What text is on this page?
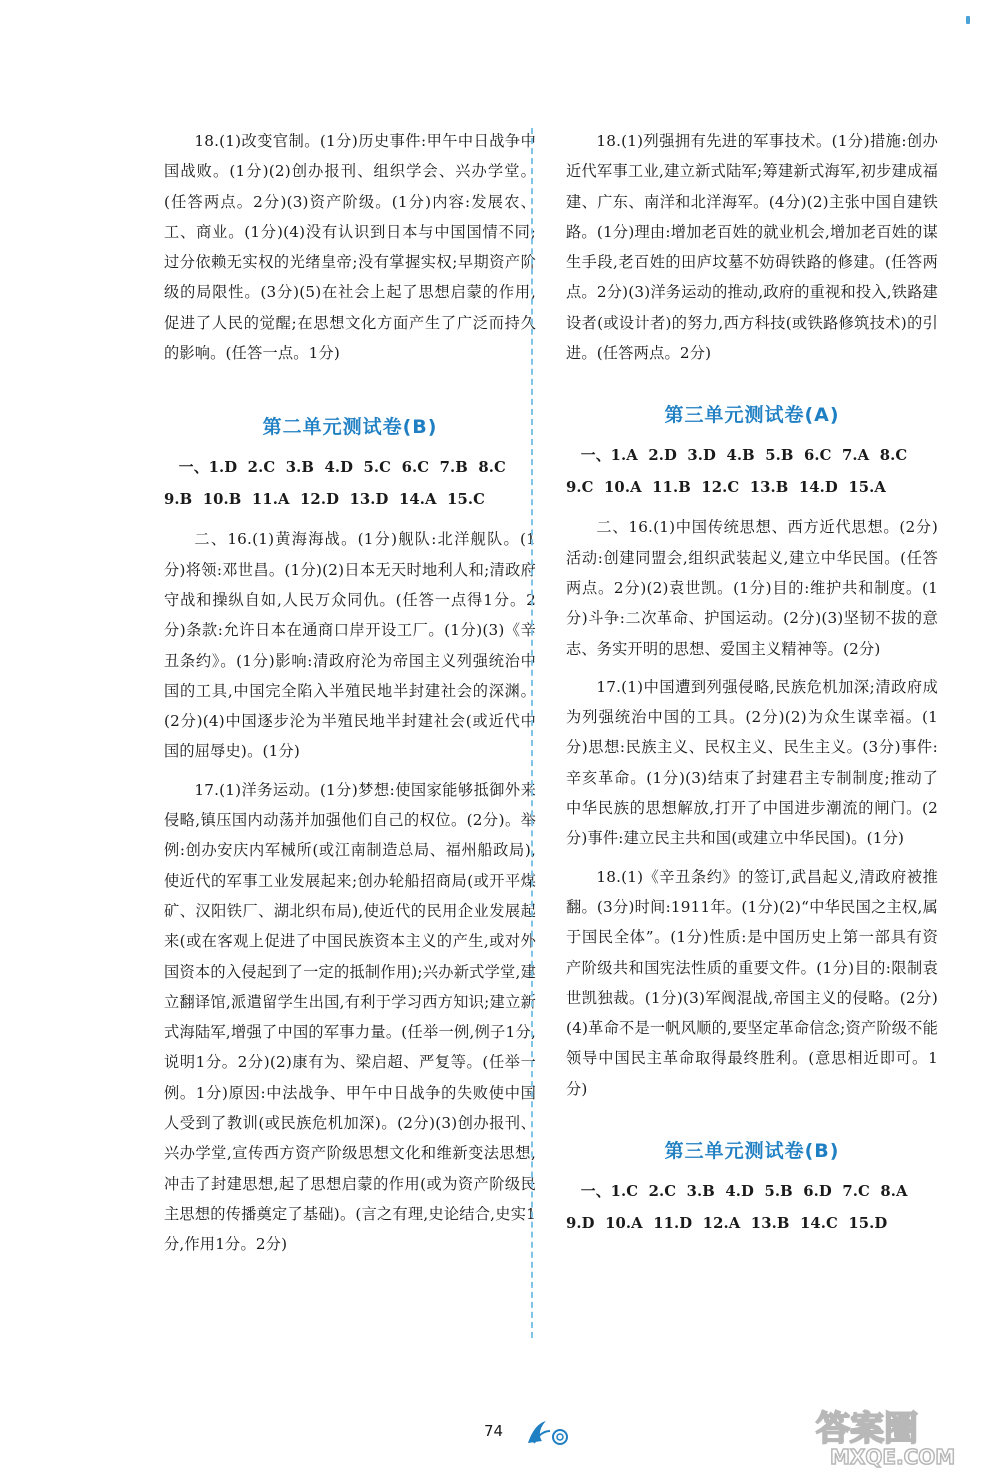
18.(1)改变官制。(1分)历史事件:甲午中日战争中国战败。(1分)(2)创办报刊、组织学会、兴办学堂。(任答两点。2分)(3)资产阶级。(1分)内容:发展农、工、商业。(1分)(4)没有认识到日本与中国国情不同;过分依赖无实权的光绪皇帝;没有掌握实权;早期资产阶级的局限性。(3分)(5)在社会上起了思想启蒙的作用,促进了人民的觉醒;在思想文化方面产生了广泛而持久的影响。(任答一点。1分)

第二单元测试卷(B)

一、1.D  2.C  3.B  4.D  5.C  6.C  7.B  8.C

9.B  10.B  11.A  12.D  13.D  14.A  15.C

二、16.(1)黄海海战。(1分)舰队:北洋舰队。(1分)将领:邓世昌。(1分)(2)日本无天时地利人和;清政府守战和操纵自如,人民万众同仇。(任答一点得1分。2分)条款:允许日本在通商口岸开设工厂。(1分)(3)《辛丑条约》。(1分)影响:清政府沦为帝国主义列强统治中国的工具,中国完全陷入半殖民地半封建社会的深渊。(2分)(4)中国逐步沦为半殖民地半封建社会(或近代中国的屈辱史)。(1分)

17.(1)洋务运动。(1分)梦想:使国家能够抵御外来侵略,镇压国内动荡并加强他们自己的权位。(2分)。举例:创办安庆内军械所(或江南制造总局、福州船政局),使近代的军事工业发展起来;创办轮船招商局(或开平煤矿、汉阳铁厂、湖北织布局),使近代的民用企业发展起来(或在客观上促进了中国民族资本主义的产生,或对外国资本的入侵起到了一定的抵制作用);兴办新式学堂,建立翻译馆,派遣留学生出国,有利于学习西方知识;建立新式海陆军,增强了中国的军事力量。(任举一例,例子1分,说明1分。2分)(2)康有为、梁启超、严复等。(任举一例。1分)原因:中法战争、甲午中日战争的失败使中国人受到了教训(或民族危机加深)。(2分)(3)创办报刊、兴办学堂,宣传西方资产阶级思想文化和维新变法思想,冲击了封建思想,起了思想启蒙的作用(或为资产阶级民主思想的传播奠定了基础)。(言之有理,史论结合,史实1分,作用1分。2分)

18.(1)列强拥有先进的军事技术。(1分)措施:创办近代军事工业,建立新式陆军;筹建新式海军,初步建成福建、广东、南洋和北洋海军。(4分)(2)主张中国自建铁路。(1分)理由:增加老百姓的就业机会,增加老百姓的谋生手段,老百姓的田庐坟墓不妨碍铁路的修建。(任答两点。2分)(3)洋务运动的推动,政府的重视和投入,铁路建设者(或设计者)的努力,西方科技(或铁路修筑技术)的引进。(任答两点。2分)

第三单元测试卷(A)

一、1.A  2.D  3.D  4.B  5.B  6.C  7.A  8.C

9.C  10.A  11.B  12.C  13.B  14.D  15.A

二、16.(1)中国传统思想、西方近代思想。(2分)活动:创建同盟会,组织武装起义,建立中华民国。(任答两点。2分)(2)袁世凯。(1分)目的:维护共和制度。(1分)斗争:二次革命、护国运动。(2分)(3)坚韧不拔的意志、务实开明的思想、爱国主义精神等。(2分)

17.(1)中国遭到列强侵略,民族危机加深;清政府成为列强统治中国的工具。(2分)(2)为众生谋幸福。(1分)思想:民族主义、民权主义、民生主义。(3分)事件:辛亥革命。(1分)(3)结束了封建君主专制制度;推动了中华民族的思想解放,打开了中国进步潮流的闸门。(2分)事件:建立民主共和国(或建立中华民国)。(1分)

18.(1)《辛丑条约》的签订,武昌起义,清政府被推翻。(3分)时间:1911年。(1分)(2)“中华民国之主权,属于国民全体”。(1分)性质:是中国历史上第一部具有资产阶级共和国宪法性质的重要文件。(1分)目的:限制袁世凯独裁。(1分)(3)军阀混战,帝国主义的侵略。(2分)(4)革命不是一帆风顺的,要坚定革命信念;资产阶级不能领导中国民主革命取得最终胜利。(意思相近即可。1分)

第三单元测试卷(B)

一、1.C  2.C  3.B  4.D  5.B  6.D  7.C  8.A

9.D  10.A  11.D  12.A  13.B  14.C  15.D

74	答案圈
MXQE.COM
